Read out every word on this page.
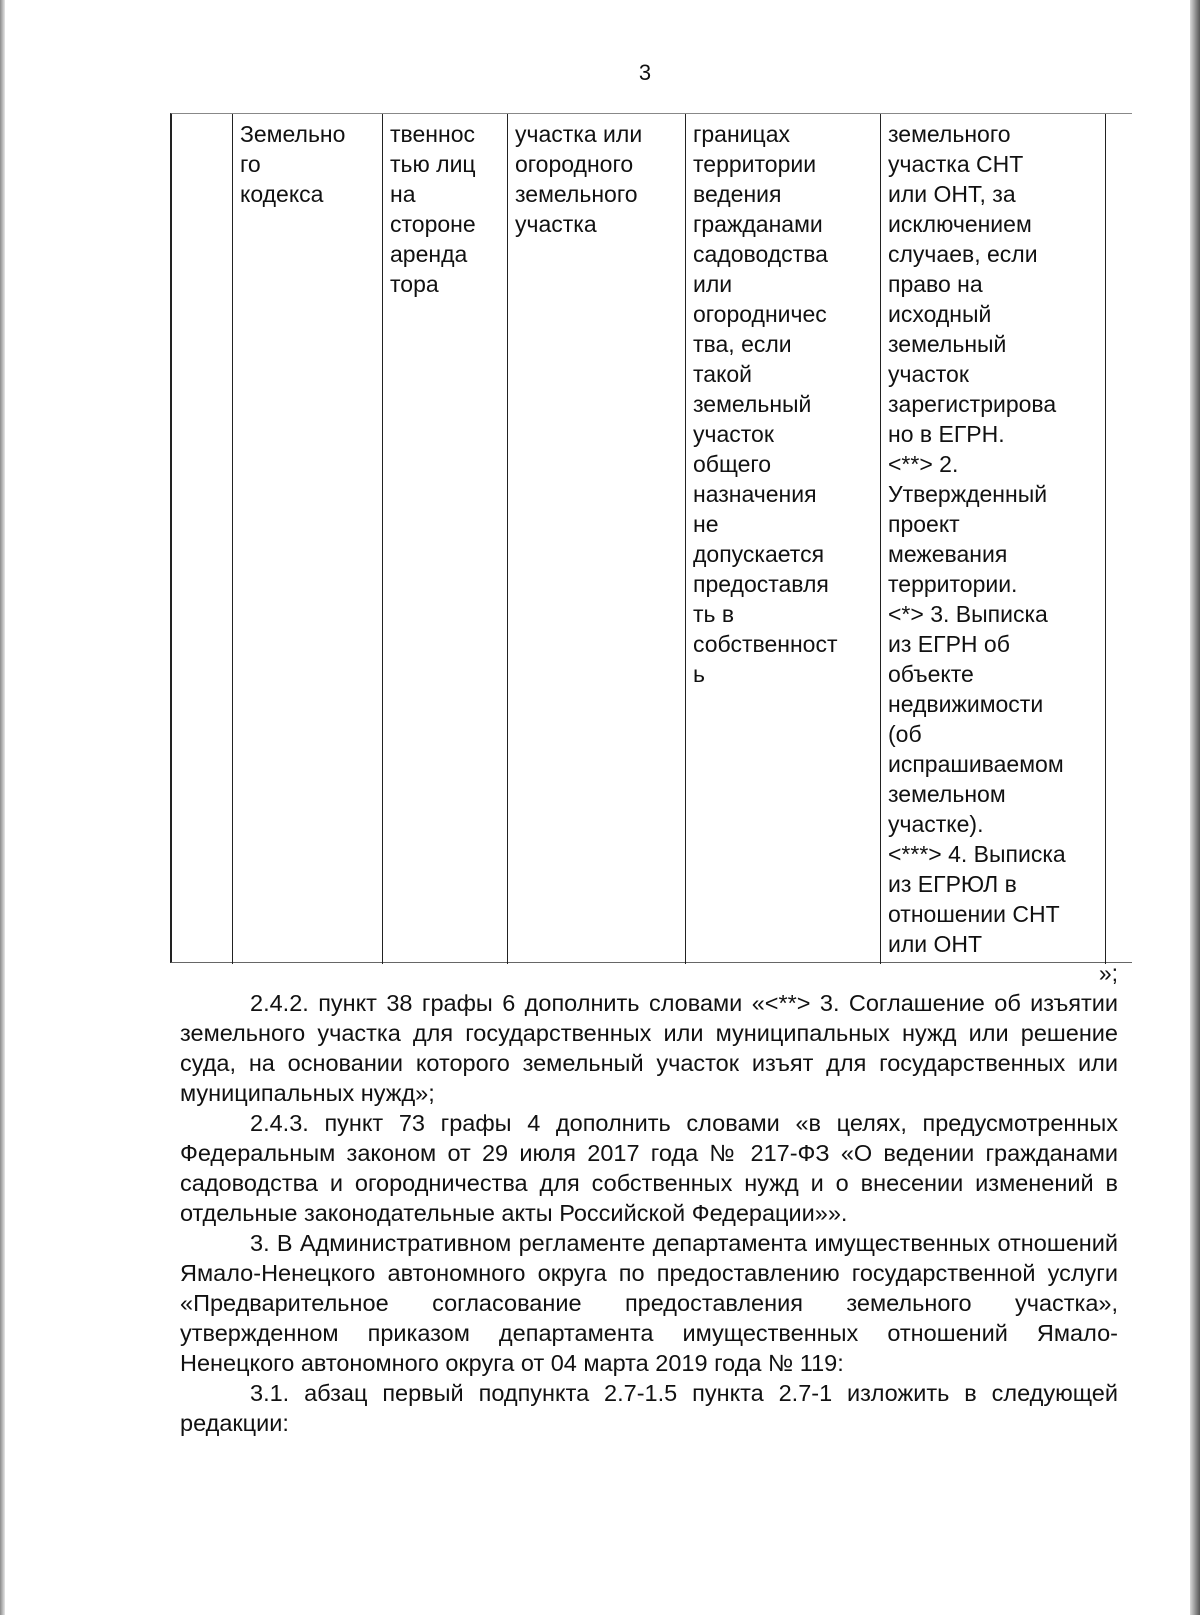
3
Земельно
го
кодекса
твеннос
тью лиц
на
стороне
аренда
тора
участка или
огородного
земельного
участка
границах
территории
ведения
гражданами
садоводства
или
огородничес
тва, если
такой
земельный
участок
общего
назначения
не
допускается
предоставля
ть в
собственност
ь
земельного
участка СНТ
или ОНТ, за
исключением
случаев, если
право на
исходный
земельный
участок
зарегистрирова
но в ЕГРН.
<**> 2.
Утвержденный
проект
межевания
территории.
<*> 3. Выписка
из ЕГРН об
объекте
недвижимости
(об
испрашиваемом
земельном
участке).
<***> 4. Выписка
из ЕГРЮЛ в
отношении СНТ
или ОНТ
»;

2.4.2. пункт 38 графы 6 дополнить словами «<**> 3. Соглашение об изъятии земельного участка для государственных или муниципальных нужд или решение суда, на основании которого земельный участок изъят для государственных или муниципальных нужд»;

2.4.3. пункт 73 графы 4 дополнить словами «в целях, предусмотренных Федеральным законом от 29 июля 2017 года № 217-ФЗ «О ведении гражданами садоводства и огородничества для собственных нужд и о внесении изменений в отдельные законодательные акты Российской Федерации»».

3. В Административном регламенте департамента имущественных отношений Ямало-Ненецкого автономного округа по предоставлению государственной услуги «Предварительное согласование предоставления земельного участка», утвержденном приказом департамента имущественных отношений Ямало-Ненецкого автономного округа от 04 марта 2019 года № 119:

3.1. абзац первый подпункта 2.7-1.5 пункта 2.7-1 изложить в следующей редакции:
